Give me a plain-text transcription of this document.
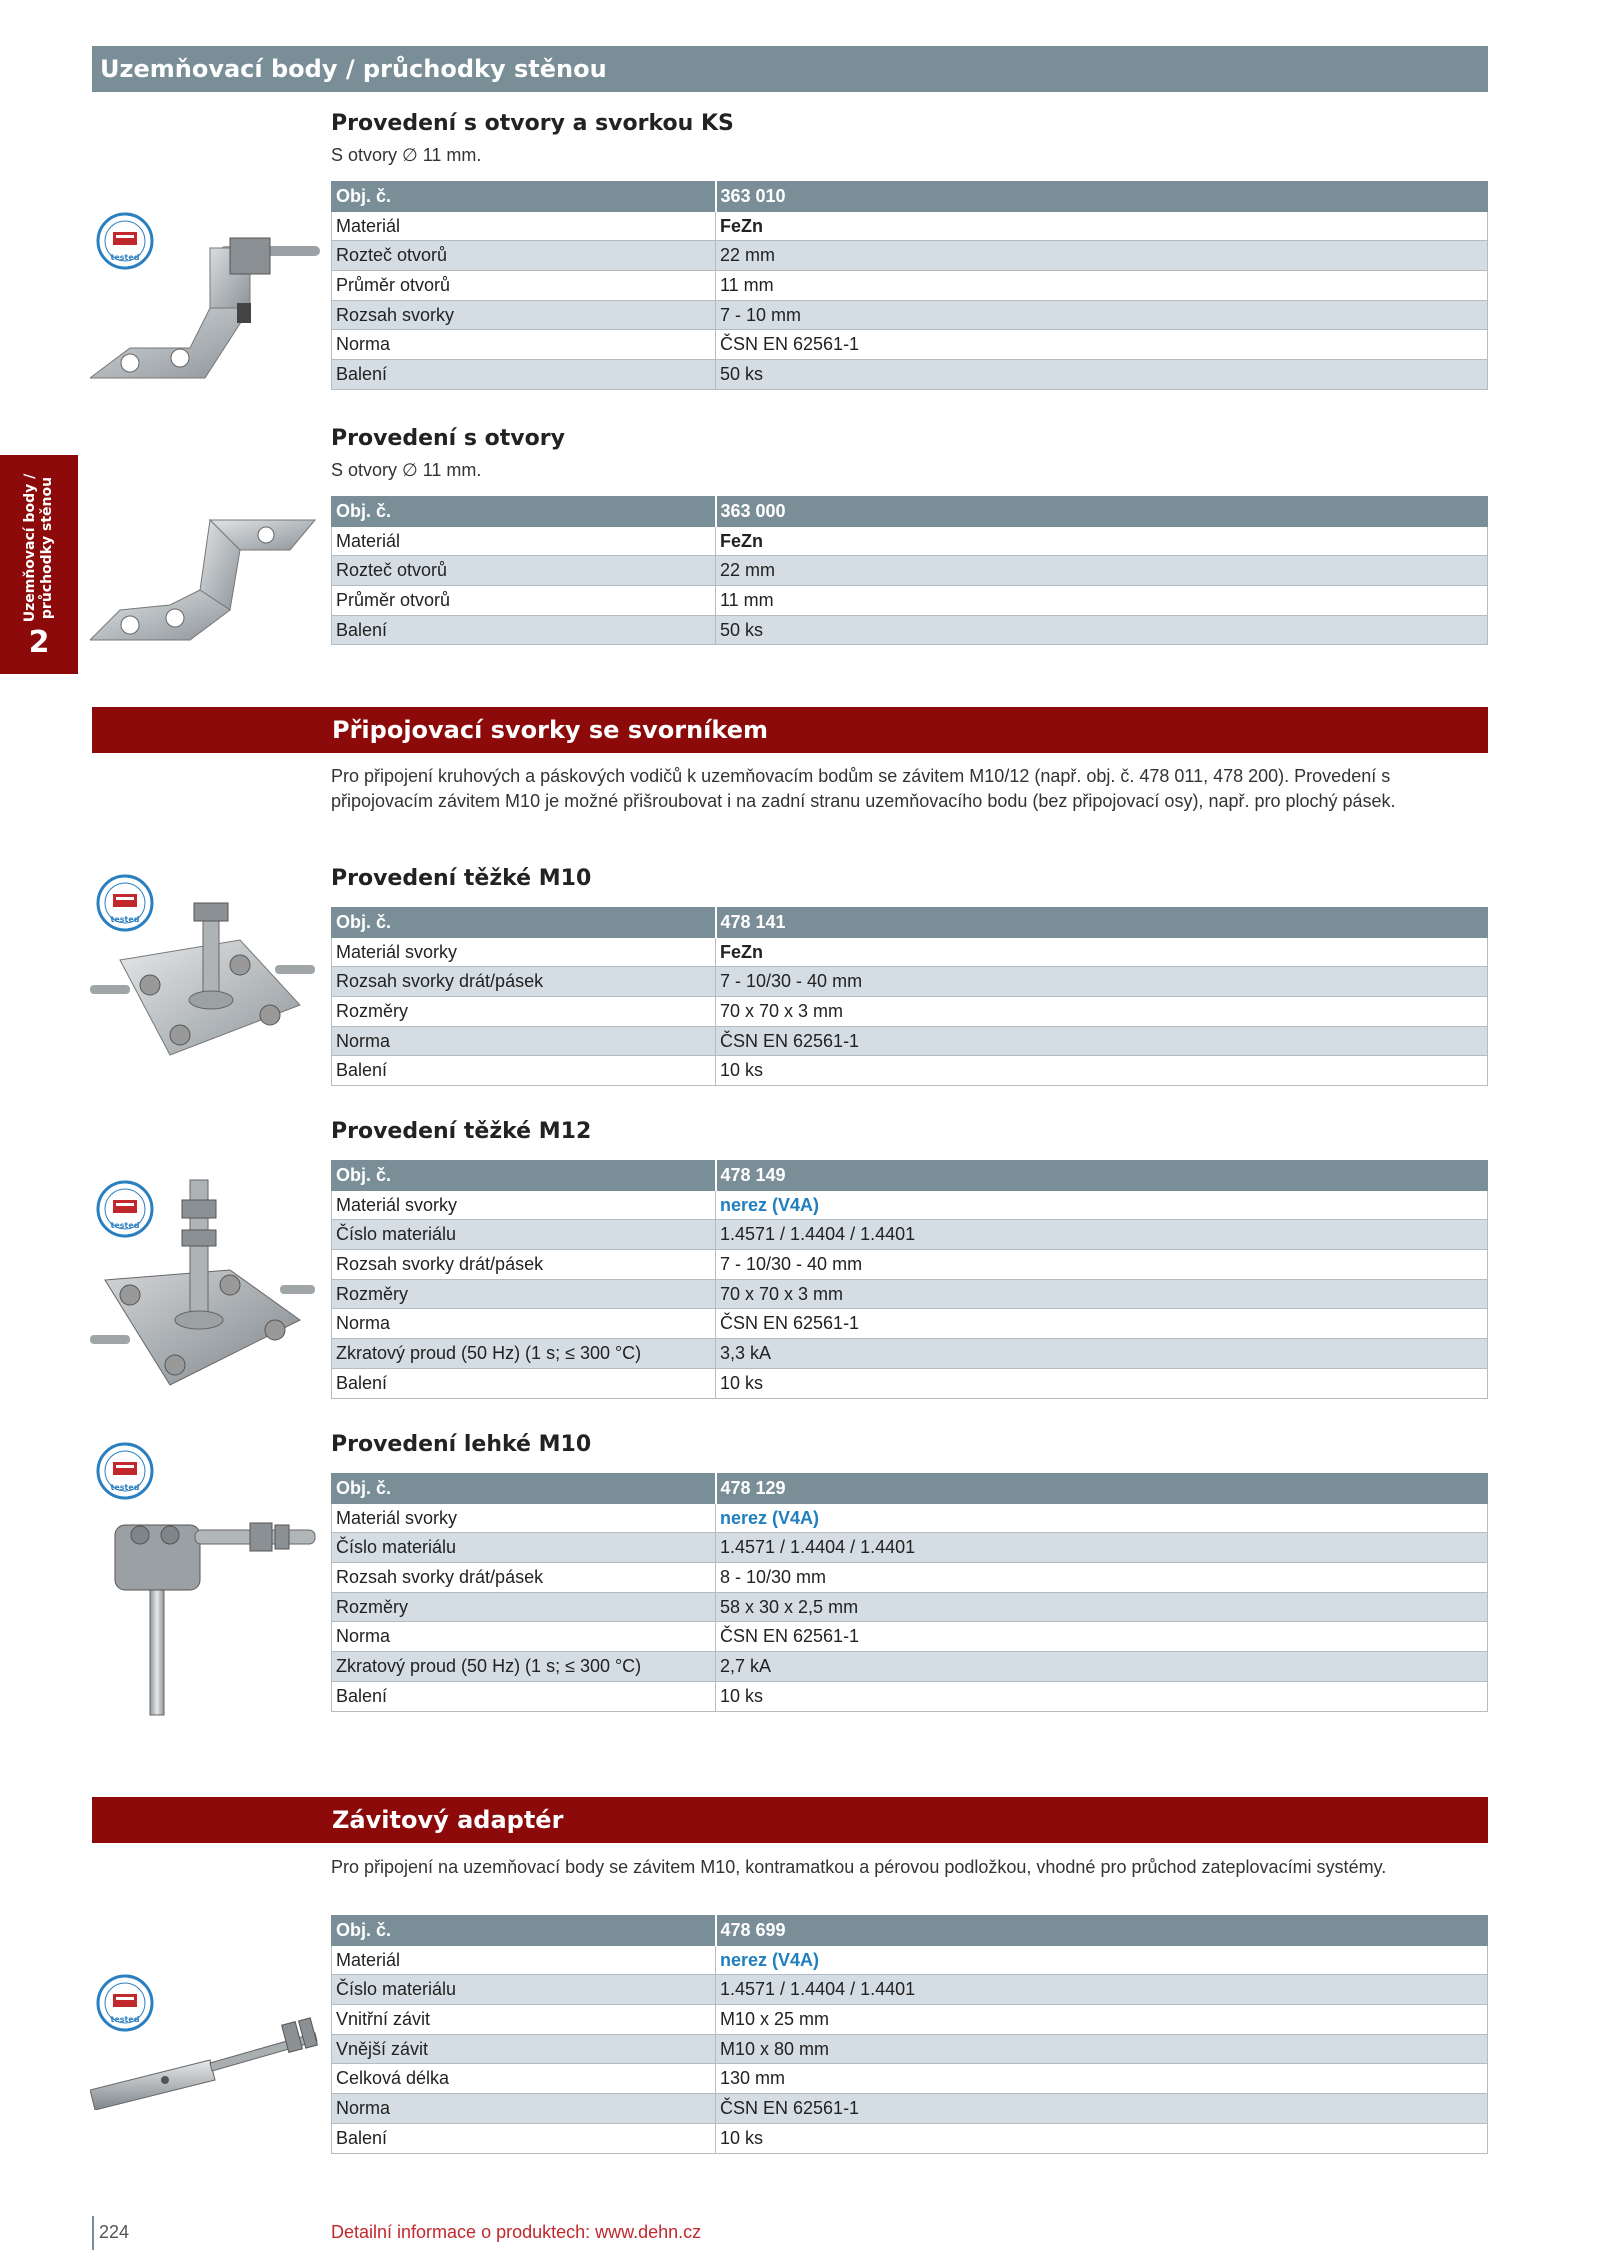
Uzemňovací body / průchodky stěnou
Uzemňovací body /
průchodky stěnou
2
Provedení s otvory a svorkou KS
S otvory ∅ 11 mm.
Obj. č.	363 010
Materiál	FeZn
Rozteč otvorů	22 mm
Průměr otvorů	11 mm
Rozsah svorky	7 - 10 mm
Norma	ČSN EN 62561-1
Balení	50 ks
Provedení s otvory
S otvory ∅ 11 mm.
Obj. č.	363 000
Materiál	FeZn
Rozteč otvorů	22 mm
Průměr otvorů	11 mm
Balení	50 ks
Připojovací svorky se svorníkem
Pro připojení kruhových a páskových vodičů k uzemňovacím bodům se závitem M10/12 (např. obj. č. 478 011, 478 200). Provedení s připojovacím závitem M10 je možné přišroubovat i na zadní stranu uzemňovacího bodu (bez připojovací osy), např. pro plochý pásek.
Provedení těžké M10
Obj. č.	478 141
Materiál svorky	FeZn
Rozsah svorky drát/pásek	7 - 10/30 - 40 mm
Rozměry	70 x 70 x 3 mm
Norma	ČSN EN 62561-1
Balení	10 ks
Provedení těžké M12
Obj. č.	478 149
Materiál svorky	nerez (V4A)
Číslo materiálu	1.4571 / 1.4404 / 1.4401
Rozsah svorky drát/pásek	7 - 10/30 - 40 mm
Rozměry	70 x 70 x 3 mm
Norma	ČSN EN 62561-1
Zkratový proud (50 Hz) (1 s; ≤ 300 °C)	3,3 kA
Balení	10 ks
Provedení lehké M10
Obj. č.	478 129
Materiál svorky	nerez (V4A)
Číslo materiálu	1.4571 / 1.4404 / 1.4401
Rozsah svorky drát/pásek	8 - 10/30 mm
Rozměry	58 x 30 x 2,5 mm
Norma	ČSN EN 62561-1
Zkratový proud (50 Hz) (1 s; ≤ 300 °C)	2,7 kA
Balení	10 ks
Závitový adaptér
Pro připojení na uzemňovací body se závitem M10, kontramatkou a pérovou podložkou, vhodné pro průchod zateplovacími systémy.
Obj. č.	478 699
Materiál	nerez (V4A)
Číslo materiálu	1.4571 / 1.4404 / 1.4401
Vnitřní závit	M10 x 25 mm
Vnější závit	M10 x 80 mm
Celková délka	130 mm
Norma	ČSN EN 62561-1
Balení	10 ks
tested
tested
tested
tested
tested
224	Detailní informace o produktech: www.dehn.cz
